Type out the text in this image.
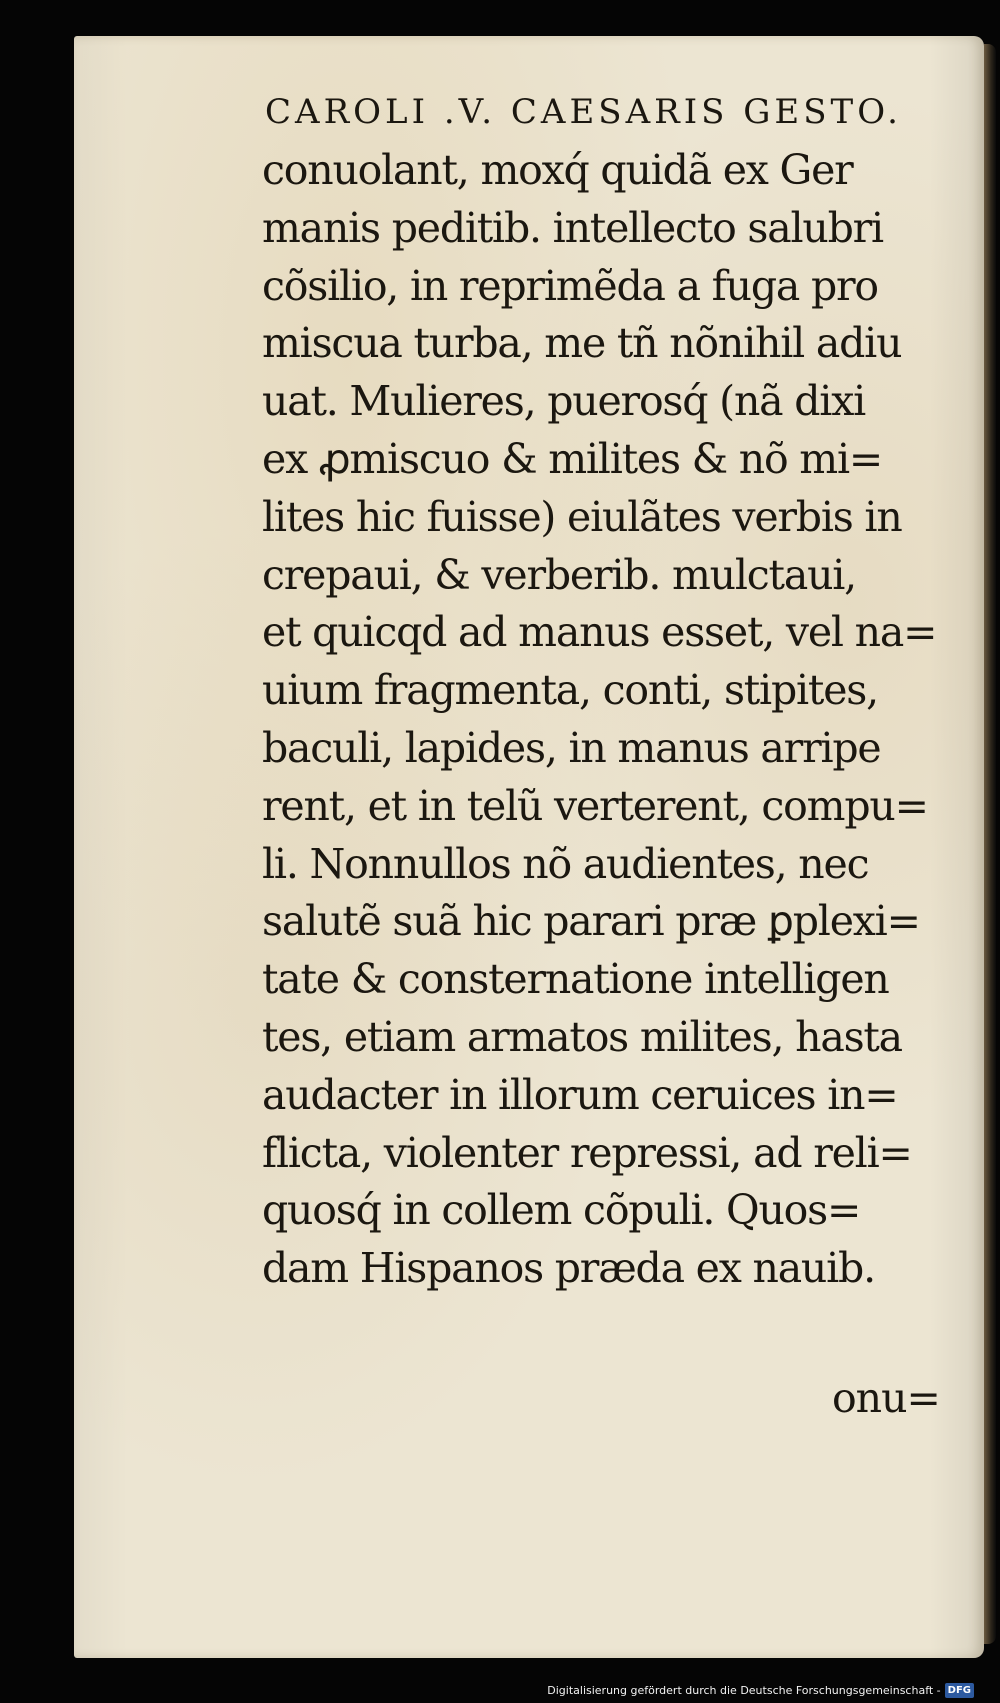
CAROLI .V. CAESARIS GESTO.
conuolant, moxq́ quidã ex Ger
manis peditib. intellecto salubri
cõsilio, in reprimẽda a fuga pro
miscua turba, me tñ nõnihil adiu
uat. Mulieres, puerosq́ (nã dixi
ex ꝓmiscuo & milites & nõ mi=
lites hic fuisse) eiulãtes verbis in
crepaui, & verberib. mulctaui,
et quicqd ad manus esset, vel na=
uium fragmenta, conti, stipites,
baculi, lapides, in manus arripe
rent, et in telũ verterent, compu=
li. Nonnullos nõ audientes, nec
salutẽ suã hic parari præ ꝑplexi=
tate & consternatione intelligen
tes, etiam armatos milites, hasta
audacter in illorum ceruices in=
flicta, violenter repressi, ad reli=
quosq́ in collem cõpuli. Quos=
dam Hispanos præda ex nauib.
onu=
Digitalisierung gefördert durch die Deutsche Forschungsgemeinschaft - DFG
